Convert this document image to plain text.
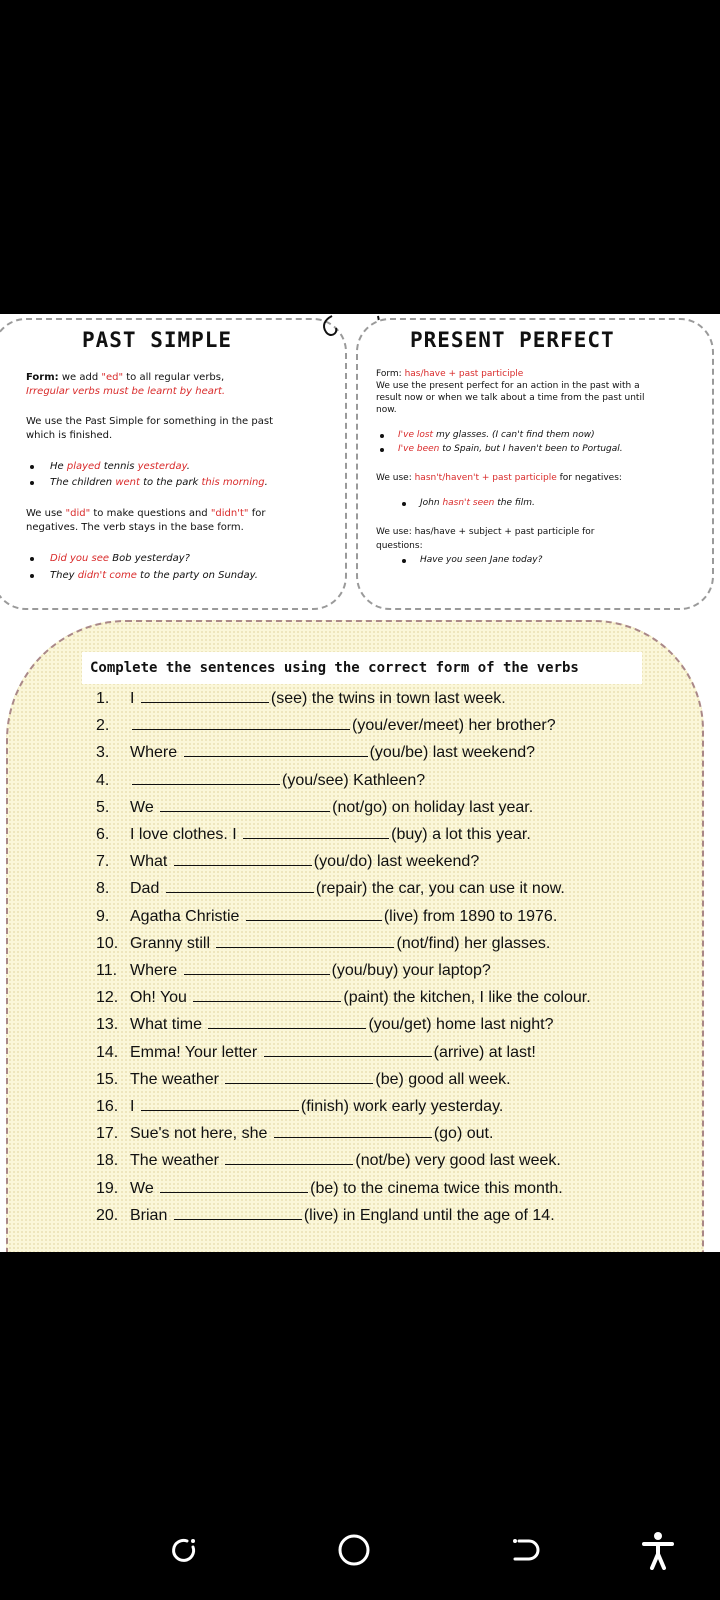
PAST SIMPLE
Form: we add "ed" to all regular verbs,
Irregular verbs must be learnt by heart.
We use the Past Simple for something in the past
which is finished.
He played tennis yesterday.
The children went to the park this morning.
We use "did" to make questions and "didn't" for
negatives. The verb stays in the base form.
Did you see Bob yesterday?
They didn't come to the party on Sunday.
PRESENT PERFECT
Form: has/have + past participle
We use the present perfect for an action in the past with a
result now or when we talk about a time from the past until
now.
I've lost my glasses. (I can't find them now)
I've been to Spain, but I haven't been to Portugal.
We use: hasn't/haven't + past participle for negatives:
John hasn't seen the film.
We use: has/have + subject + past participle for
questions:
Have you seen Jane today?
Complete the sentences using the correct form of the verbs
1. I	(see) the twins in town last week.
2.	(you/ever/meet) her brother?
3. Where	(you/be) last weekend?
4.	(you/see) Kathleen?
5. We	(not/go) on holiday last year.
6. I love clothes. I	(buy) a lot this year.
7. What	(you/do) last weekend?
8. Dad	(repair) the car, you can use it now.
9. Agatha Christie	(live) from 1890 to 1976.
10. Granny still	(not/find) her glasses.
11. Where	(you/buy) your laptop?
12. Oh! You	(paint) the kitchen, I like the colour.
13. What time	(you/get) home last night?
14. Emma! Your letter	(arrive) at last!
15. The weather	(be) good all week.
16. I	(finish) work early yesterday.
17. Sue's not here, she	(go) out.
18. The weather	(not/be) very good last week.
19. We	(be) to the cinema twice this month.
20. Brian	(live) in England until the age of 14.
